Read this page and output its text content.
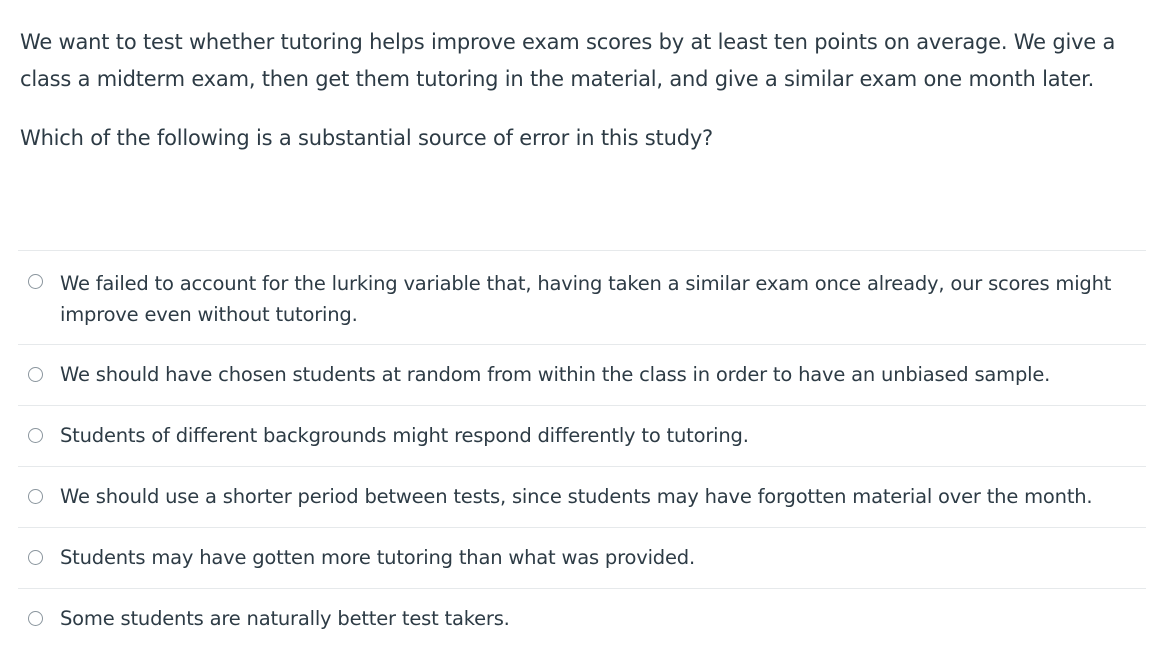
We want to test whether tutoring helps improve exam scores by at least ten points on average. We give a class a midterm exam, then get them tutoring in the material, and give a similar exam one month later.

Which of the following is a substantial source of error in this study?

We failed to account for the lurking variable that, having taken a similar exam once already, our scores might improve even without tutoring.
We should have chosen students at random from within the class in order to have an unbiased sample.
Students of different backgrounds might respond differently to tutoring.
We should use a shorter period between tests, since students may have forgotten material over the month.
Students may have gotten more tutoring than what was provided.
Some students are naturally better test takers.
